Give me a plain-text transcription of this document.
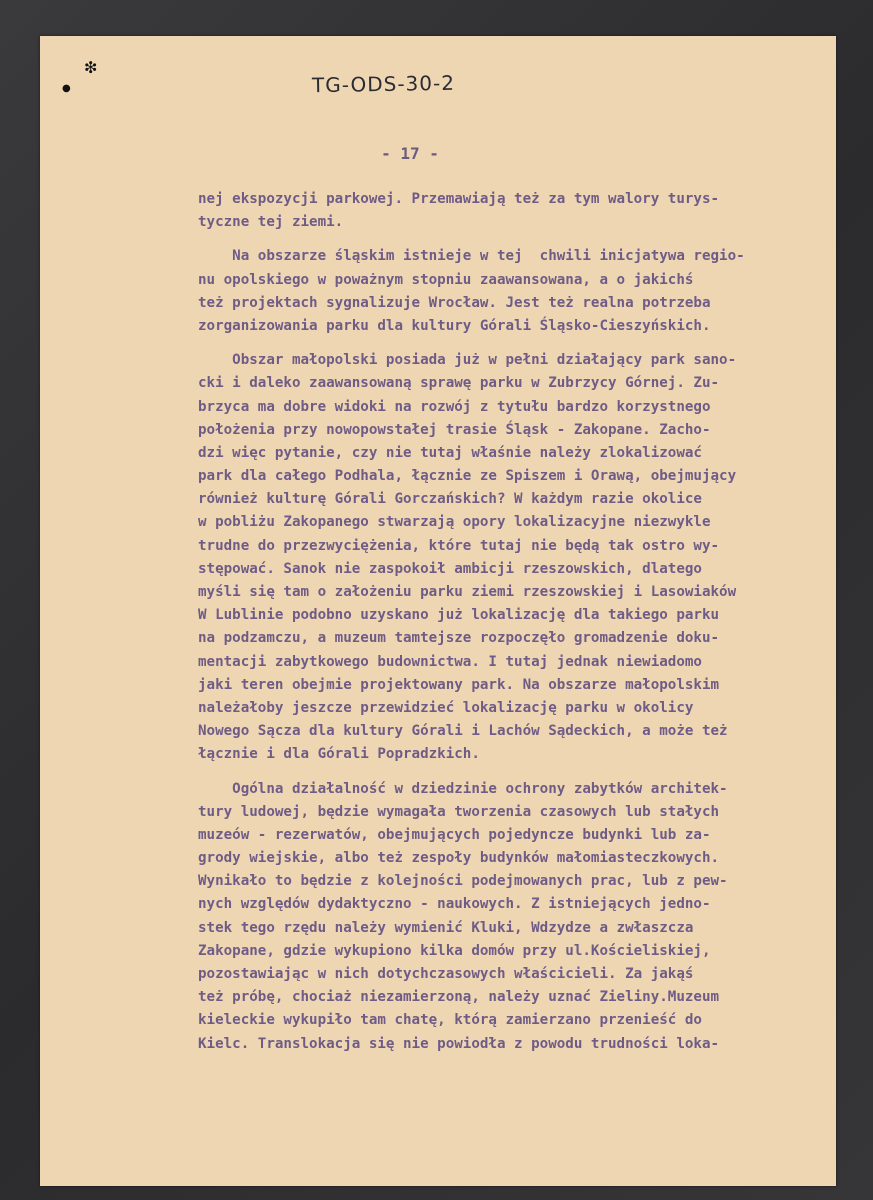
❇
●	TG-ODS-30-2
- 17 -
nej ekspozycji parkowej. Przemawiają też za tym walory turys-
tyczne tej ziemi.
Na obszarze śląskim istnieje w tej  chwili inicjatywa regio-
nu opolskiego w poważnym stopniu zaawansowana, a o jakichś
też projektach sygnalizuje Wrocław. Jest też realna potrzeba
zorganizowania parku dla kultury Górali Śląsko-Cieszyńskich.
Obszar małopolski posiada już w pełni działający park sano-
cki i daleko zaawansowaną sprawę parku w Zubrzycy Górnej. Zu-
brzyca ma dobre widoki na rozwój z tytułu bardzo korzystnego
położenia przy nowopowstałej trasie Śląsk - Zakopane. Zacho-
dzi więc pytanie, czy nie tutaj właśnie należy zlokalizować
park dla całego Podhala, łącznie ze Spiszem i Orawą, obejmujący
również kulturę Górali Gorczańskich? W każdym razie okolice
w pobliżu Zakopanego stwarzają opory lokalizacyjne niezwykle
trudne do przezwyciężenia, które tutaj nie będą tak ostro wy-
stępować. Sanok nie zaspokoił ambicji rzeszowskich, dlatego
myśli się tam o założeniu parku ziemi rzeszowskiej i Lasowiaków
W Lublinie podobno uzyskano już lokalizację dla takiego parku
na podzamczu, a muzeum tamtejsze rozpoczęło gromadzenie doku-
mentacji zabytkowego budownictwa. I tutaj jednak niewiadomo
jaki teren obejmie projektowany park. Na obszarze małopolskim
należałoby jeszcze przewidzieć lokalizację parku w okolicy
Nowego Sącza dla kultury Górali i Lachów Sądeckich, a może też
łącznie i dla Górali Popradzkich.
Ogólna działalność w dziedzinie ochrony zabytków architek-
tury ludowej, będzie wymagała tworzenia czasowych lub stałych
muzeów - rezerwatów, obejmujących pojedyncze budynki lub za-
grody wiejskie, albo też zespoły budynków małomiasteczkowych.
Wynikało to będzie z kolejności podejmowanych prac, lub z pew-
nych względów dydaktyczno - naukowych. Z istniejących jedno-
stek tego rzędu należy wymienić Kluki, Wdzydze a zwłaszcza
Zakopane, gdzie wykupiono kilka domów przy ul.Kościeliskiej,
pozostawiając w nich dotychczasowych właścicieli. Za jakąś
też próbę, chociaż niezamierzoną, należy uznać Zieliny.Muzeum
kieleckie wykupiło tam chatę, którą zamierzano przenieść do
Kielc. Translokacja się nie powiodła z powodu trudności loka-
